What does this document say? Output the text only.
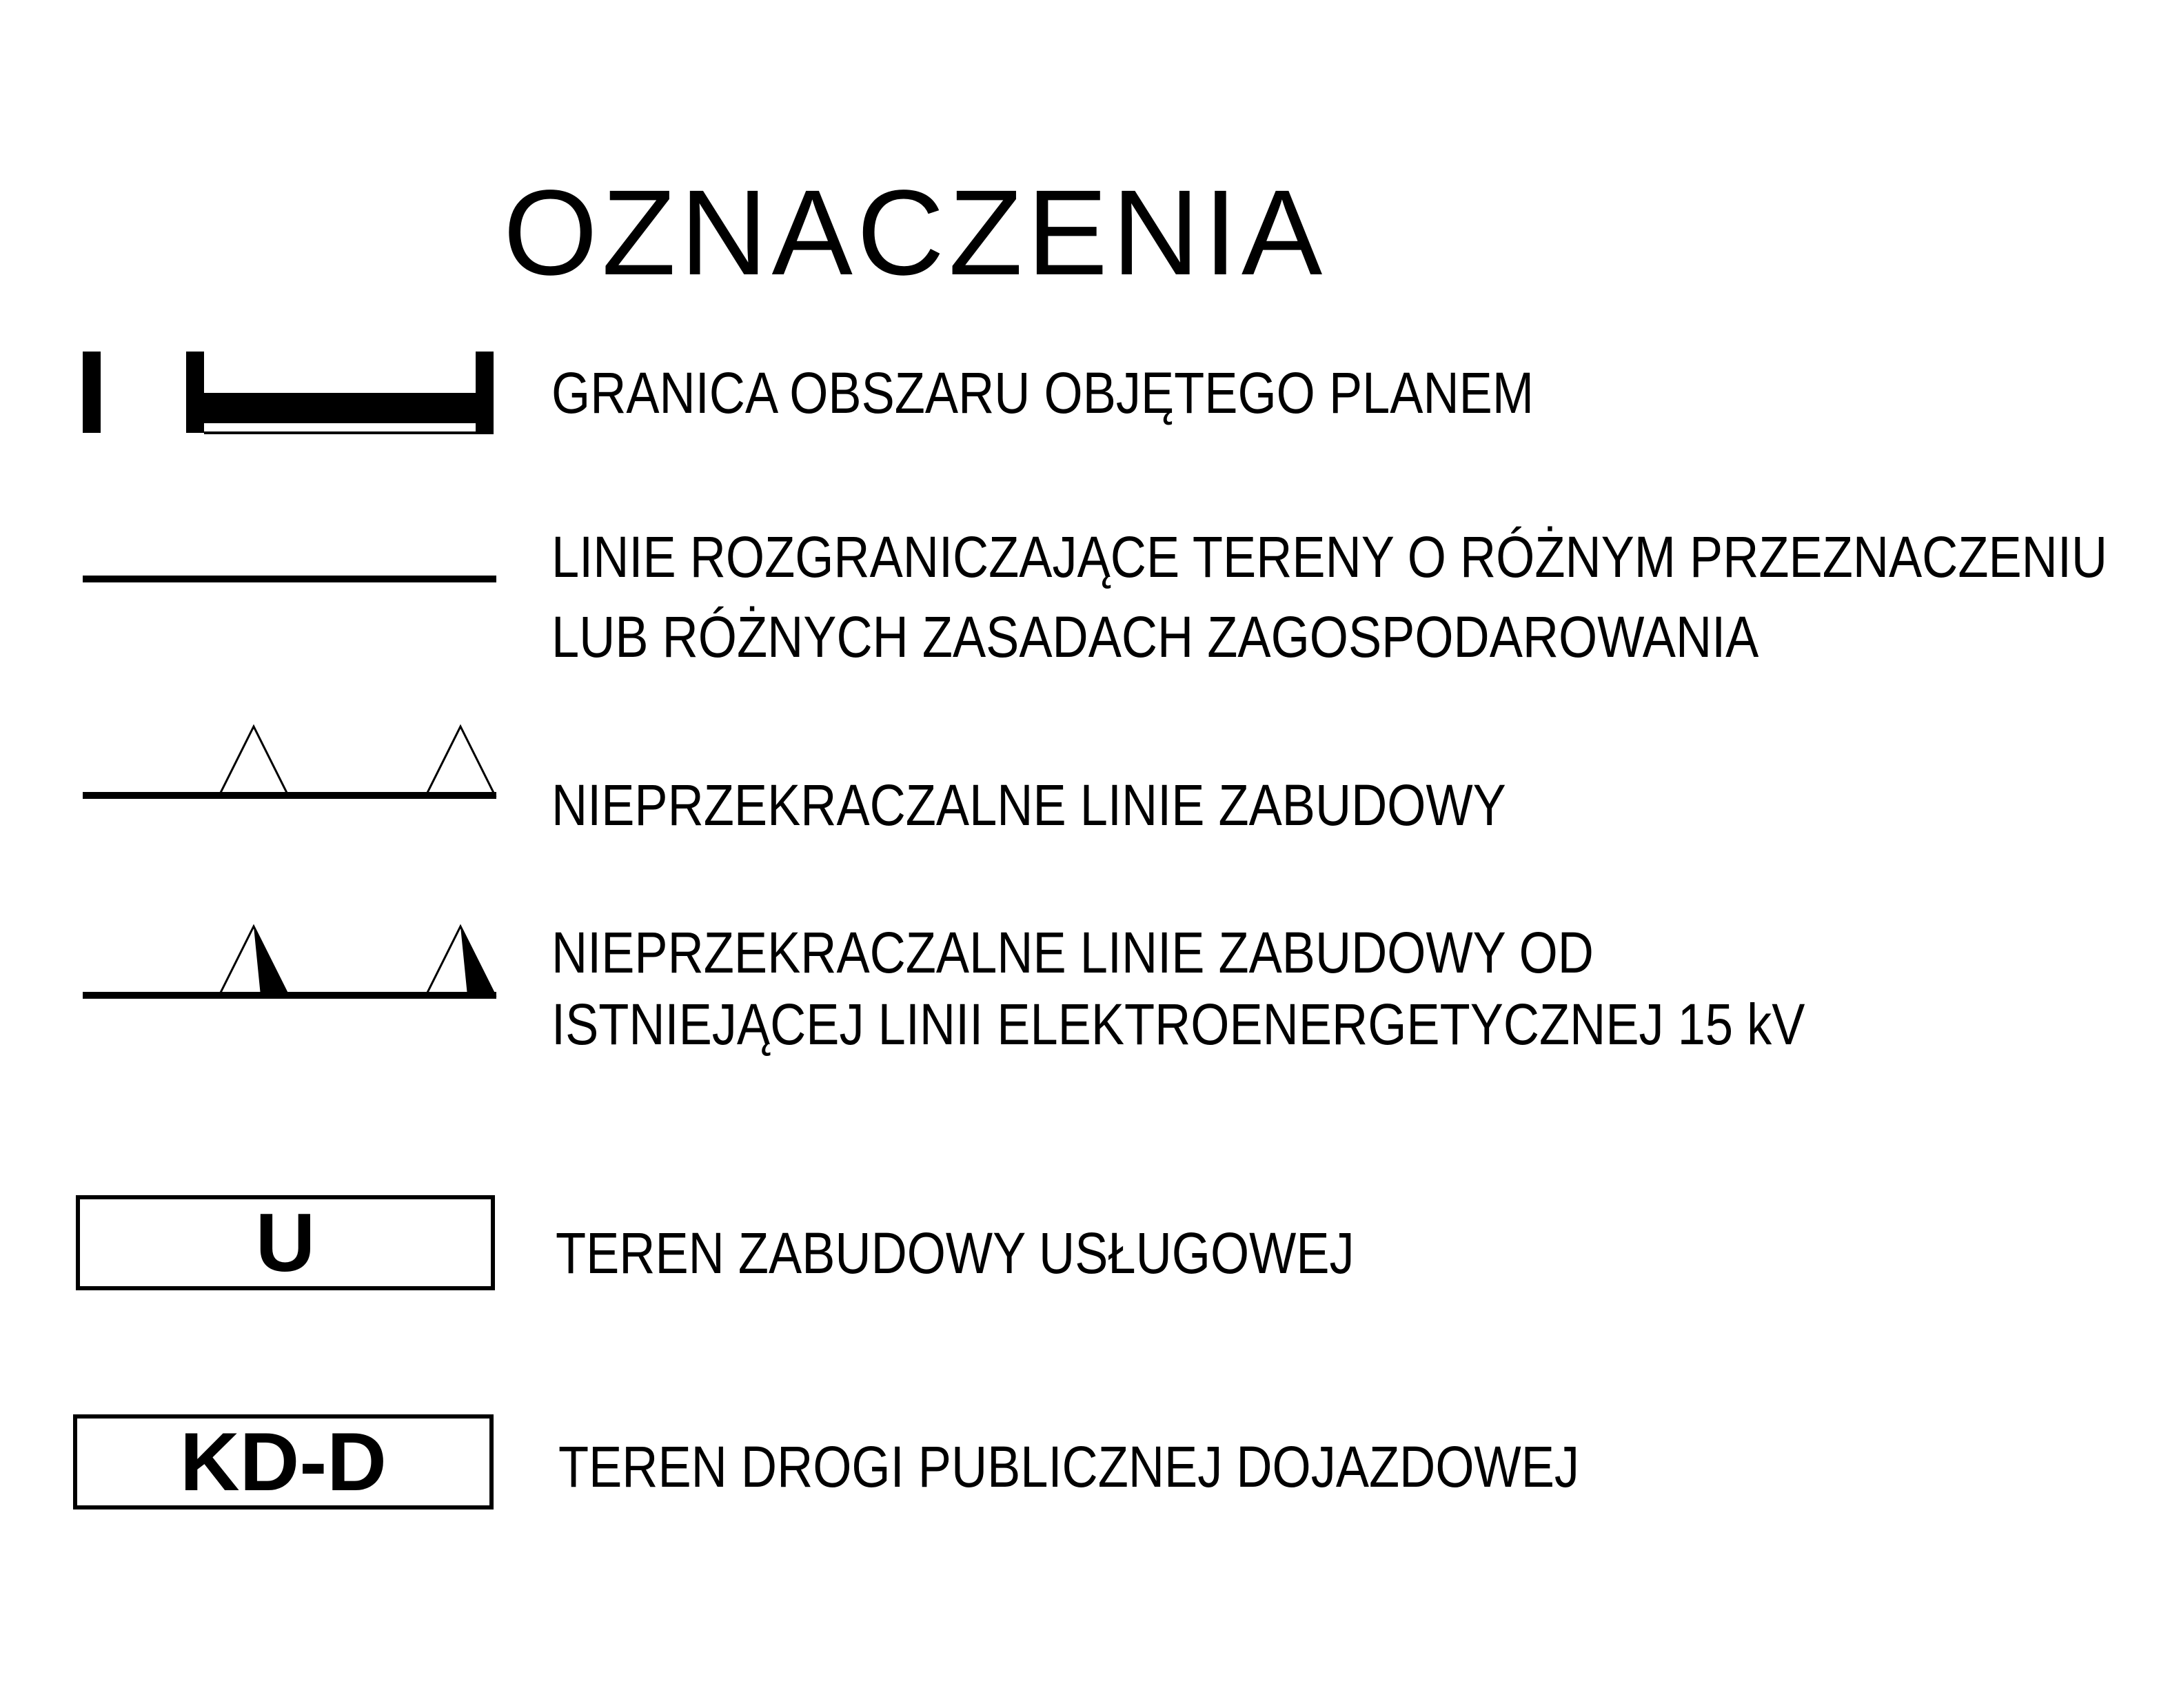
OZNACZENIA
GRANICA OBSZARU OBJĘTEGO PLANEM
LINIE ROZGRANICZAJĄCE TERENY O RÓŻNYM PRZEZNACZENIU
LUB RÓŻNYCH ZASADACH ZAGOSPODAROWANIA
NIEPRZEKRACZALNE LINIE ZABUDOWY
NIEPRZEKRACZALNE LINIE ZABUDOWY OD
ISTNIEJĄCEJ LINII ELEKTROENERGETYCZNEJ 15 kV
U	TEREN ZABUDOWY USŁUGOWEJ
KD-D	TEREN DROGI PUBLICZNEJ DOJAZDOWEJ
